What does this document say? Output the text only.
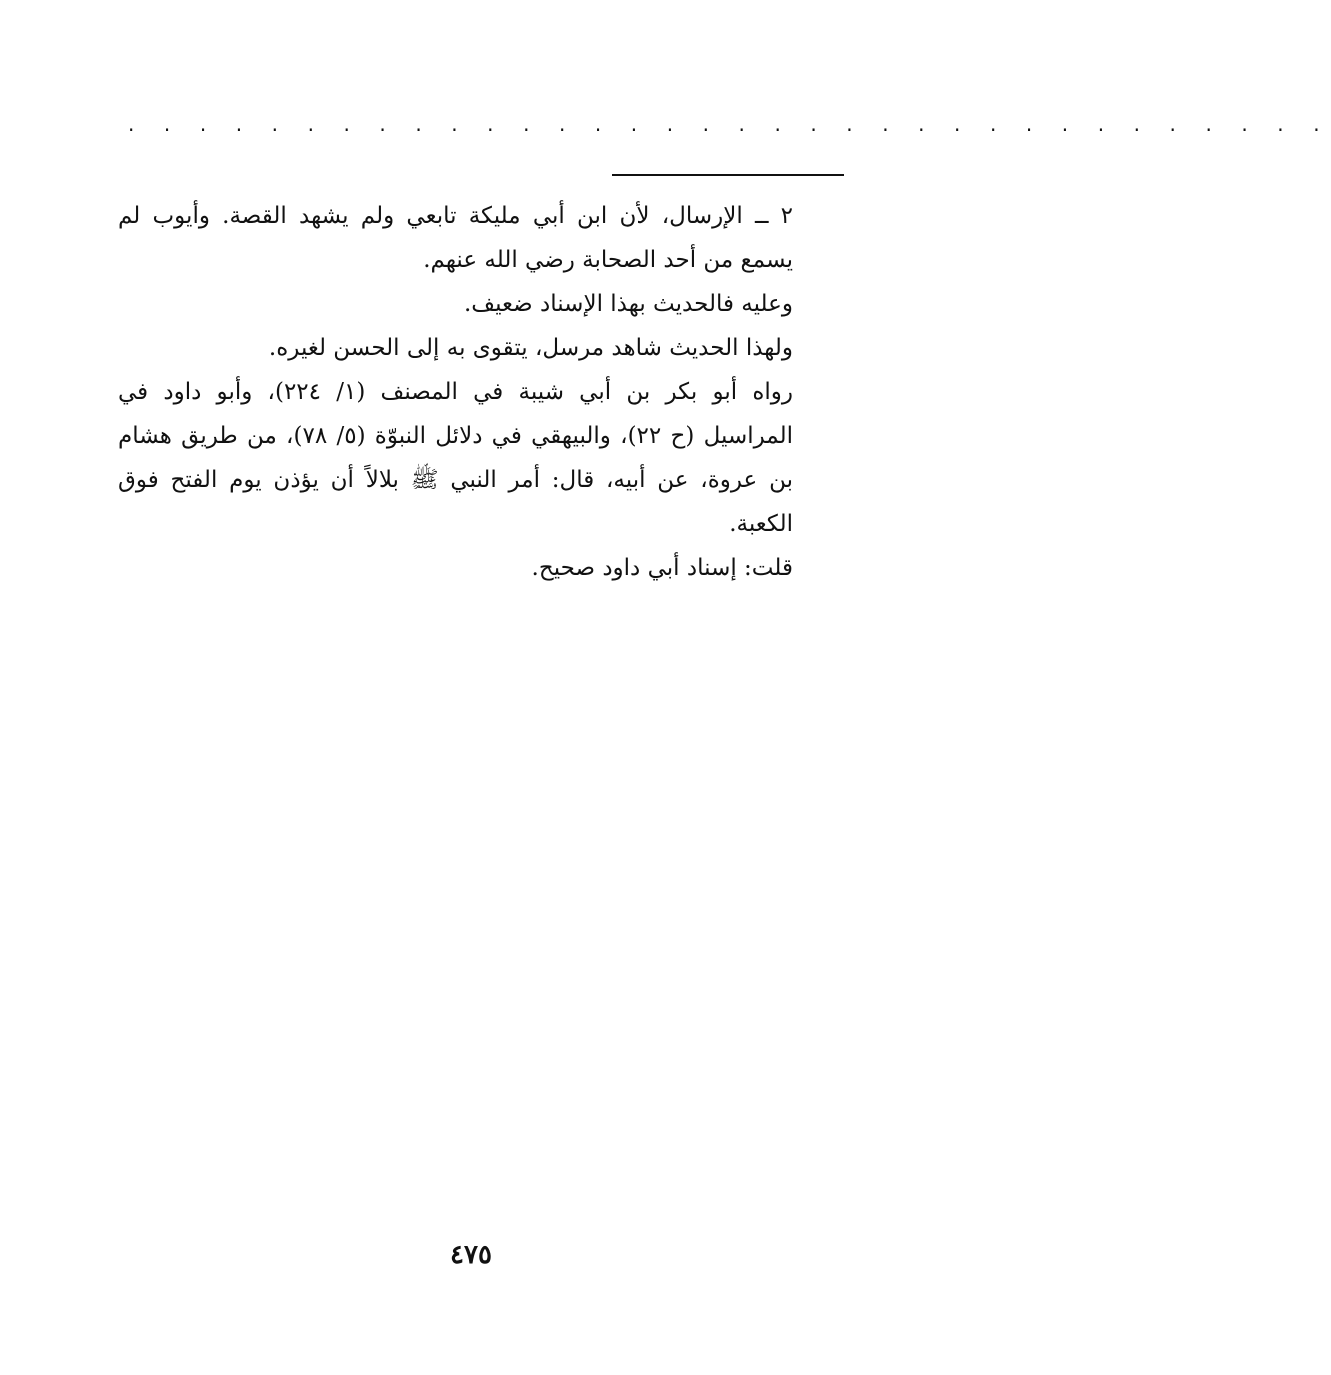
. . . . . . . . . . . . . . . . . . . . . . . . . . . . . . . . . .

٢ ــ الإرسال، لأن ابن أبي مليكة تابعي ولم يشهد القصة. وأيوب لم يسمع من أحد الصحابة رضي الله عنهم.

وعليه فالحديث بهذا الإسناد ضعيف.

ولهذا الحديث شاهد مرسل، يتقوى به إلى الحسن لغيره.

رواه أبو بكر بن أبي شيبة في المصنف (١/ ٢٢٤)، وأبو داود في المراسيل (ح ٢٢)، والبيهقي في دلائل النبوّة (٥/ ٧٨)، من طريق هشام بن عروة، عن أبيه، قال: أمر النبي ﷺ بلالاً أن يؤذن يوم الفتح فوق الكعبة.

قلت: إسناد أبي داود صحيح.

٤٧٥
